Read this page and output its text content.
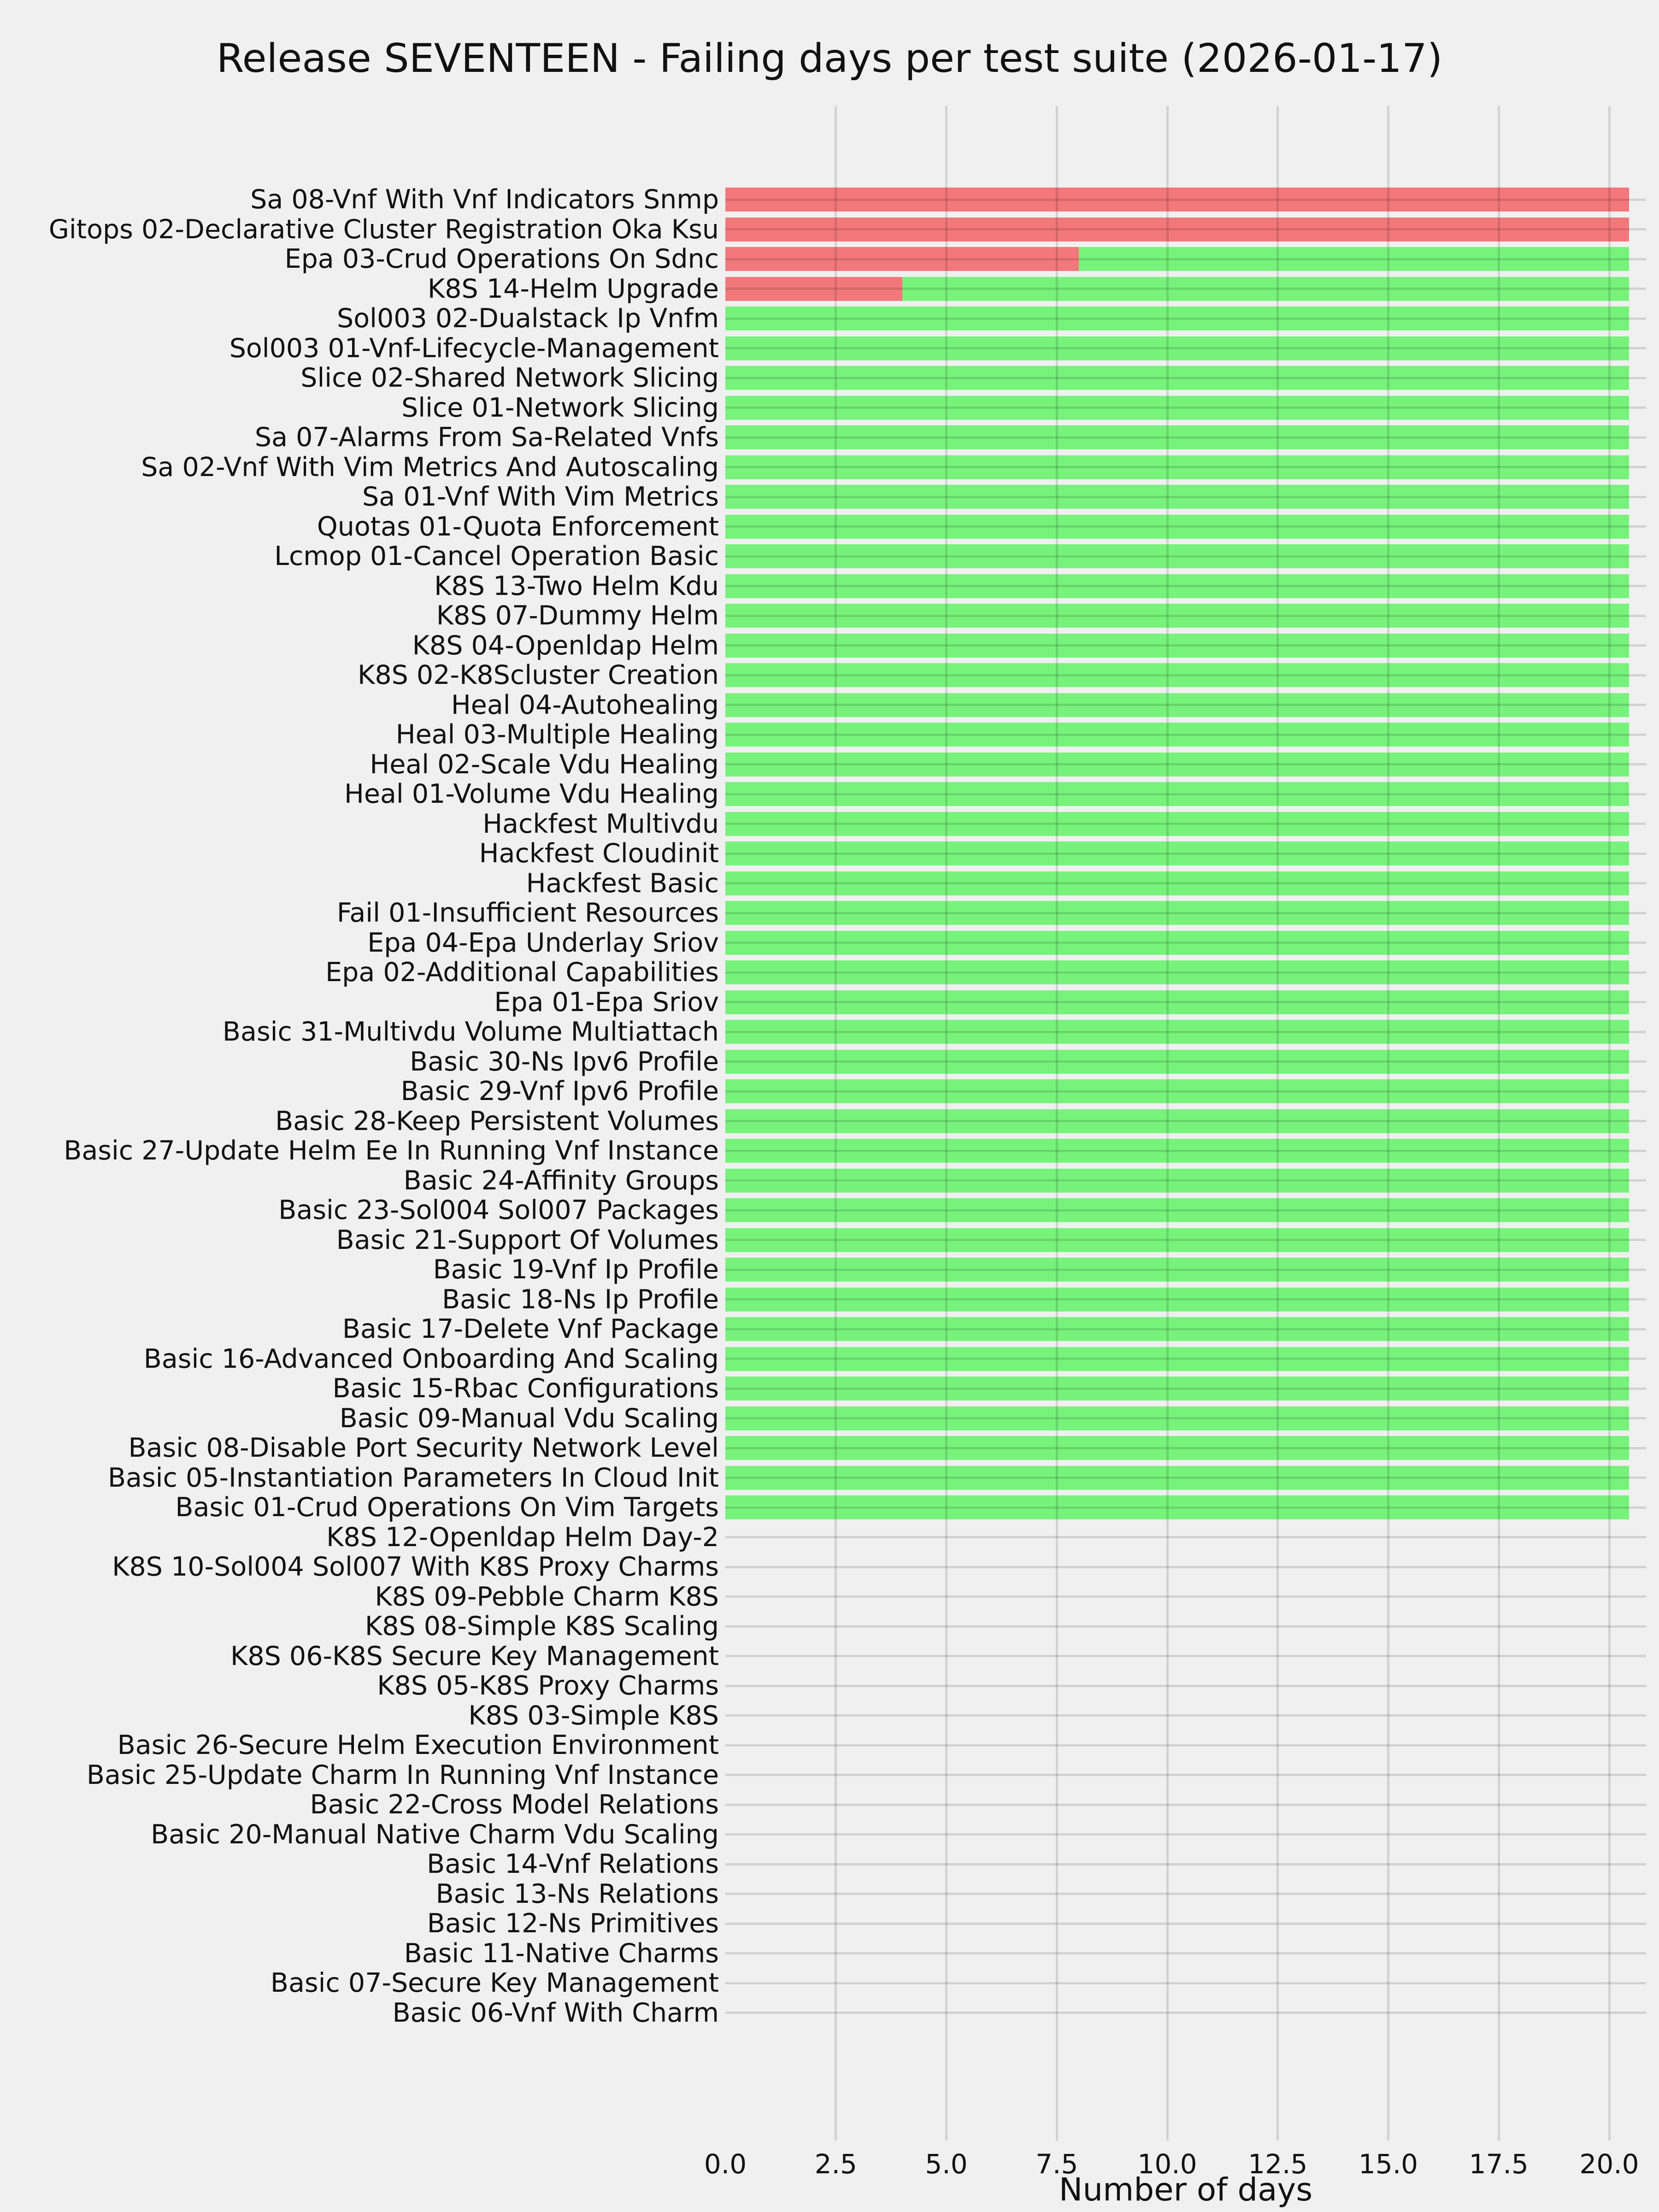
Release SEVENTEEN - Failing days per test suite (2026-01-17)
Sa 08-Vnf With Vnf Indicators Snmp
Gitops 02-Declarative Cluster Registration Oka Ksu
Epa 03-Crud Operations On Sdnc
K8S 14-Helm Upgrade
Sol003 02-Dualstack Ip Vnfm
Sol003 01-Vnf-Lifecycle-Management
Slice 02-Shared Network Slicing
Slice 01-Network Slicing
Sa 07-Alarms From Sa-Related Vnfs
Sa 02-Vnf With Vim Metrics And Autoscaling
Sa 01-Vnf With Vim Metrics
Quotas 01-Quota Enforcement
Lcmop 01-Cancel Operation Basic
K8S 13-Two Helm Kdu
K8S 07-Dummy Helm
K8S 04-Openldap Helm
K8S 02-K8Scluster Creation
Heal 04-Autohealing
Heal 03-Multiple Healing
Heal 02-Scale Vdu Healing
Heal 01-Volume Vdu Healing
Hackfest Multivdu
Hackfest Cloudinit
Hackfest Basic
Fail 01-Insufficient Resources
Epa 04-Epa Underlay Sriov
Epa 02-Additional Capabilities
Epa 01-Epa Sriov
Basic 31-Multivdu Volume Multiattach
Basic 30-Ns Ipv6 Profile
Basic 29-Vnf Ipv6 Profile
Basic 28-Keep Persistent Volumes
Basic 27-Update Helm Ee In Running Vnf Instance
Basic 24-Affinity Groups
Basic 23-Sol004 Sol007 Packages
Basic 21-Support Of Volumes
Basic 19-Vnf Ip Profile
Basic 18-Ns Ip Profile
Basic 17-Delete Vnf Package
Basic 16-Advanced Onboarding And Scaling
Basic 15-Rbac Configurations
Basic 09-Manual Vdu Scaling
Basic 08-Disable Port Security Network Level
Basic 05-Instantiation Parameters In Cloud Init
Basic 01-Crud Operations On Vim Targets
K8S 12-Openldap Helm Day-2
K8S 10-Sol004 Sol007 With K8S Proxy Charms
K8S 09-Pebble Charm K8S
K8S 08-Simple K8S Scaling
K8S 06-K8S Secure Key Management
K8S 05-K8S Proxy Charms
K8S 03-Simple K8S
Basic 26-Secure Helm Execution Environment
Basic 25-Update Charm In Running Vnf Instance
Basic 22-Cross Model Relations
Basic 20-Manual Native Charm Vdu Scaling
Basic 14-Vnf Relations
Basic 13-Ns Relations
Basic 12-Ns Primitives
Basic 11-Native Charms
Basic 07-Secure Key Management
Basic 06-Vnf With Charm
0.0	2.5	5.0	7.5	10.0	12.5	15.0	17.5	20.0
Number of days
